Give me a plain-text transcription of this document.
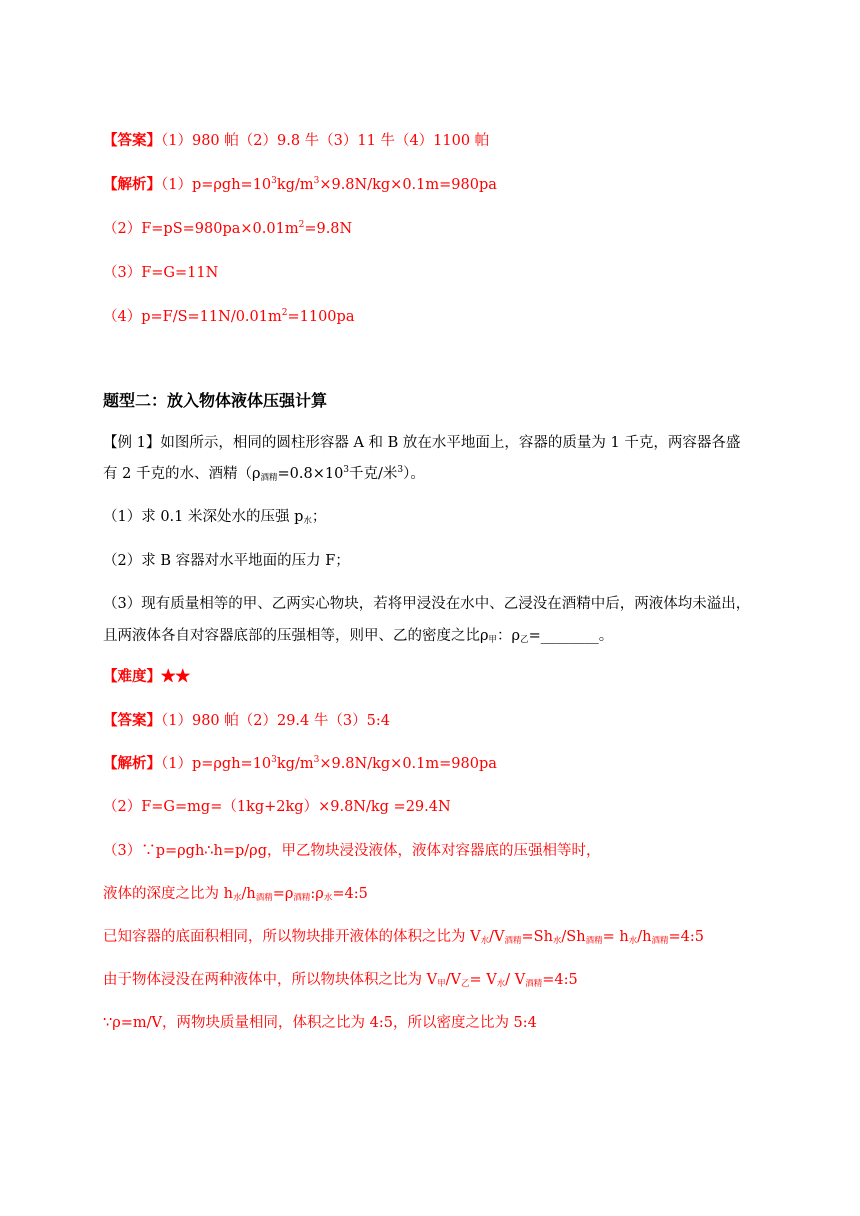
【答案】（1）980 帕（2）9.8 牛（3）11 牛（4）1100 帕
【解析】$(1)p=\rho gh=10^3kg/m^3\times 9.8N/kg\times 0.1m=980pa$
$(2)F=pS=980pa\times 0.01m^2=9.8N$
（3）F=G=11N
$(4)p=F/S=11N/0.01m^2=1100pa$
题型二：放入物体液体压强计算
【例 1】如图所示，相同的圆柱形容器 A 和 B 放在水平地面上，容器的质量为 1 千克，两容器各盛
有 2 千克的水、酒精（$\rho_{酒精}=0.8\times 10^3$千克/米$^3$）。
（1）求 0.1 米深处水的压强 $p_水$；
（2）求 B 容器对水平地面的压力 F；
（3）现有质量相等的甲、乙两实心物块，若将甲浸没在水中、乙浸没在酒精中后，两液体均未溢出，
且两液体各自对容器底部的压强相等，则甲、乙的密度之比$\rho_甲$：$\rho_乙=\_\_\_\_\_\_\_\_$。
【难度】★★
【答案】（1）980 帕（2）29.4 牛（3）5:4
【解析】$(1)p=\rho gh=10^3kg/m^3\times 9.8N/kg\times 0.1m=980pa$
（2）F=G=mg=（1kg+2kg）×9.8N/kg =29.4N
（3）∵p=ρgh∴h=p/ρg，甲乙物块浸没液体，液体对容器底的压强相等时，
液体的深度之比为 $h_水/h_{酒精}=\rho_{酒精}:\rho_水=4:5$
已知容器的底面积相同，所以物块排开液体的体积之比为 $V_水/V_{酒精}=Sh_水/Sh_{酒精}=$ $h_水/h_{酒精}=4:5$
由于物体浸没在两种液体中，所以物块体积之比为 $V_甲/V_乙= V_水/$ $V_{酒精}=4:5$
∵ρ=m/V，两物块质量相同，体积之比为 4:5，所以密度之比为 5:4
